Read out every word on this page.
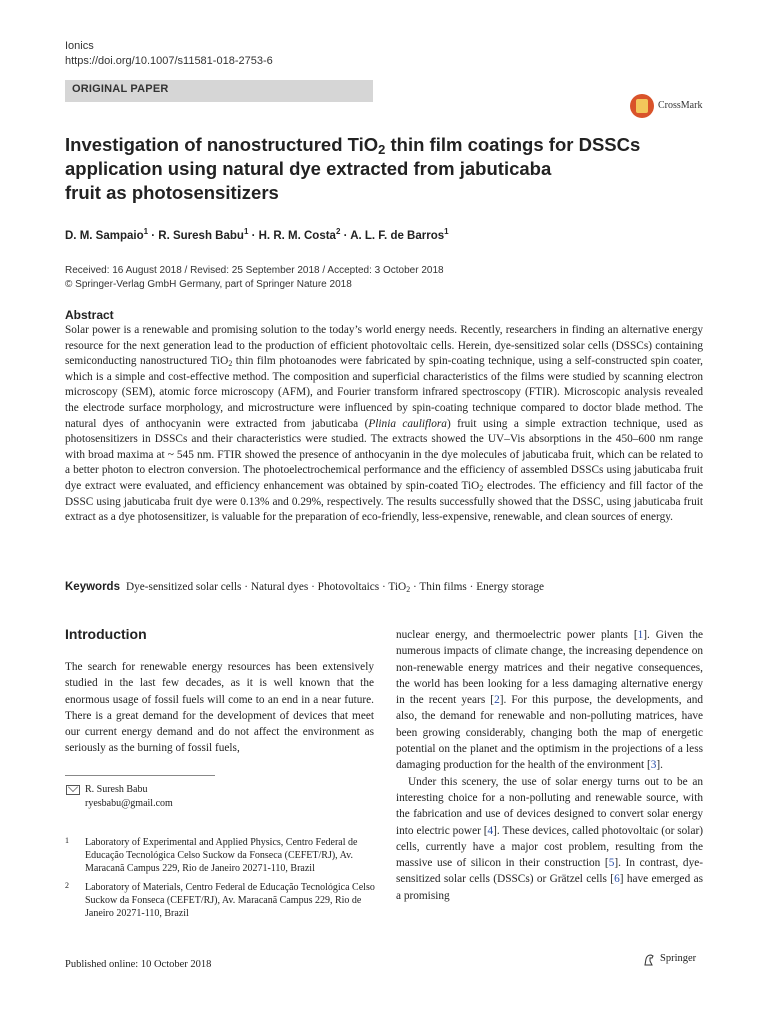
Ionics
https://doi.org/10.1007/s11581-018-2753-6
ORIGINAL PAPER
CrossMark
Investigation of nanostructured TiO$_2$ thin film coatings for DSSCs
application using natural dye extracted from jabuticaba
fruit as photosensitizers
D. M. Sampaio$^1$ · R. Suresh Babu$^1$ · H. R. M. Costa$^2$ · A. L. F. de Barros$^1$
Received: 16 August 2018 / Revised: 25 September 2018 / Accepted: 3 October 2018
© Springer-Verlag GmbH Germany, part of Springer Nature 2018
Abstract
Solar power is a renewable and promising solution to the today’s world energy needs. Recently, researchers in finding an alternative energy resource for the next generation lead to the production of efficient photovoltaic cells. Herein, dye-sensitized solar cells (DSSCs) containing semiconducting nanostructured TiO$_2$ thin film photoanodes were fabricated by spin-coating technique, using a self-constructed spin coater, which is a simple and cost-effective method. The composition and superficial characteristics of the films were studied by scanning electron microscopy (SEM), atomic force microscopy (AFM), and Fourier transform infrared spectroscopy (FTIR). Microscopic analysis revealed the electrode surface morphology, and microstructure were influenced by spin-coating technique compared to doctor blade method. The natural dyes of anthocyanin were extracted from jabuticaba (Plinia cauliflora) fruit using a simple extraction technique, used as photosensitizers in DSSCs and their characteristics were studied. The extracts showed the UV–Vis absorptions in the 450–600 nm range with broad maxima at ~ 545 nm. FTIR showed the presence of anthocyanin in the dye molecules of jabuticaba fruit, which can be related to a better photon to electron conversion. The photoelectrochemical performance and the efficiency of assembled DSSCs using jabuticaba fruit dye extract were evaluated, and efficiency enhancement was obtained by spin-coated TiO$_2$ electrodes. The efficiency and fill factor of the DSSC using jabuticaba fruit dye were 0.13% and 0.29%, respectively. The results successfully showed that the DSSC, using jabuticaba fruit extract as a dye photosensitizer, is valuable for the preparation of eco-friendly, less-expensive, renewable, and clean sources of energy.
Keywords Dye-sensitized solar cells · Natural dyes · Photovoltaics · TiO$_2$ · Thin films · Energy storage
Introduction
The search for renewable energy resources has been extensively studied in the last few decades, as it is well known that the enormous usage of fossil fuels will come to an end in a near future. There is a great demand for the development of devices that meet our current energy demand and do not affect the environment as seriously as the burning of fossil fuels,
R. Suresh Babu
ryesbabu@gmail.com
1 Laboratory of Experimental and Applied Physics, Centro Federal de Educação Tecnológica Celso Suckow da Fonseca (CEFET/RJ), Av. Maracanã Campus 229, Rio de Janeiro 20271-110, Brazil
2 Laboratory of Materials, Centro Federal de Educação Tecnológica Celso Suckow da Fonseca (CEFET/RJ), Av. Maracanã Campus 229, Rio de Janeiro 20271-110, Brazil

nuclear energy, and thermoelectric power plants [1]. Given the numerous impacts of climate change, the increasing dependence on non-renewable energy matrices and their negative consequences, the world has been looking for a less damaging alternative energy in the recent years [2]. For this purpose, the developments, and also, the demand for renewable and non-polluting matrices, have been growing considerably, changing both the map of energetic potential on the planet and the optimism in the projections of a less damaging production for the health of the environment [3].

Under this scenery, the use of solar energy turns out to be an interesting choice for a non-polluting and renewable source, with the fabrication and use of devices designed to convert solar energy into electric power [4]. These devices, called photovoltaic (or solar) cells, currently have a major cost problem, resulting from the massive use of silicon in their construction [5]. In contrast, dye-sensitized solar cells (DSSCs) or Grätzel cells [6] have emerged as a promising

Published online: 10 October 2018
Springer
